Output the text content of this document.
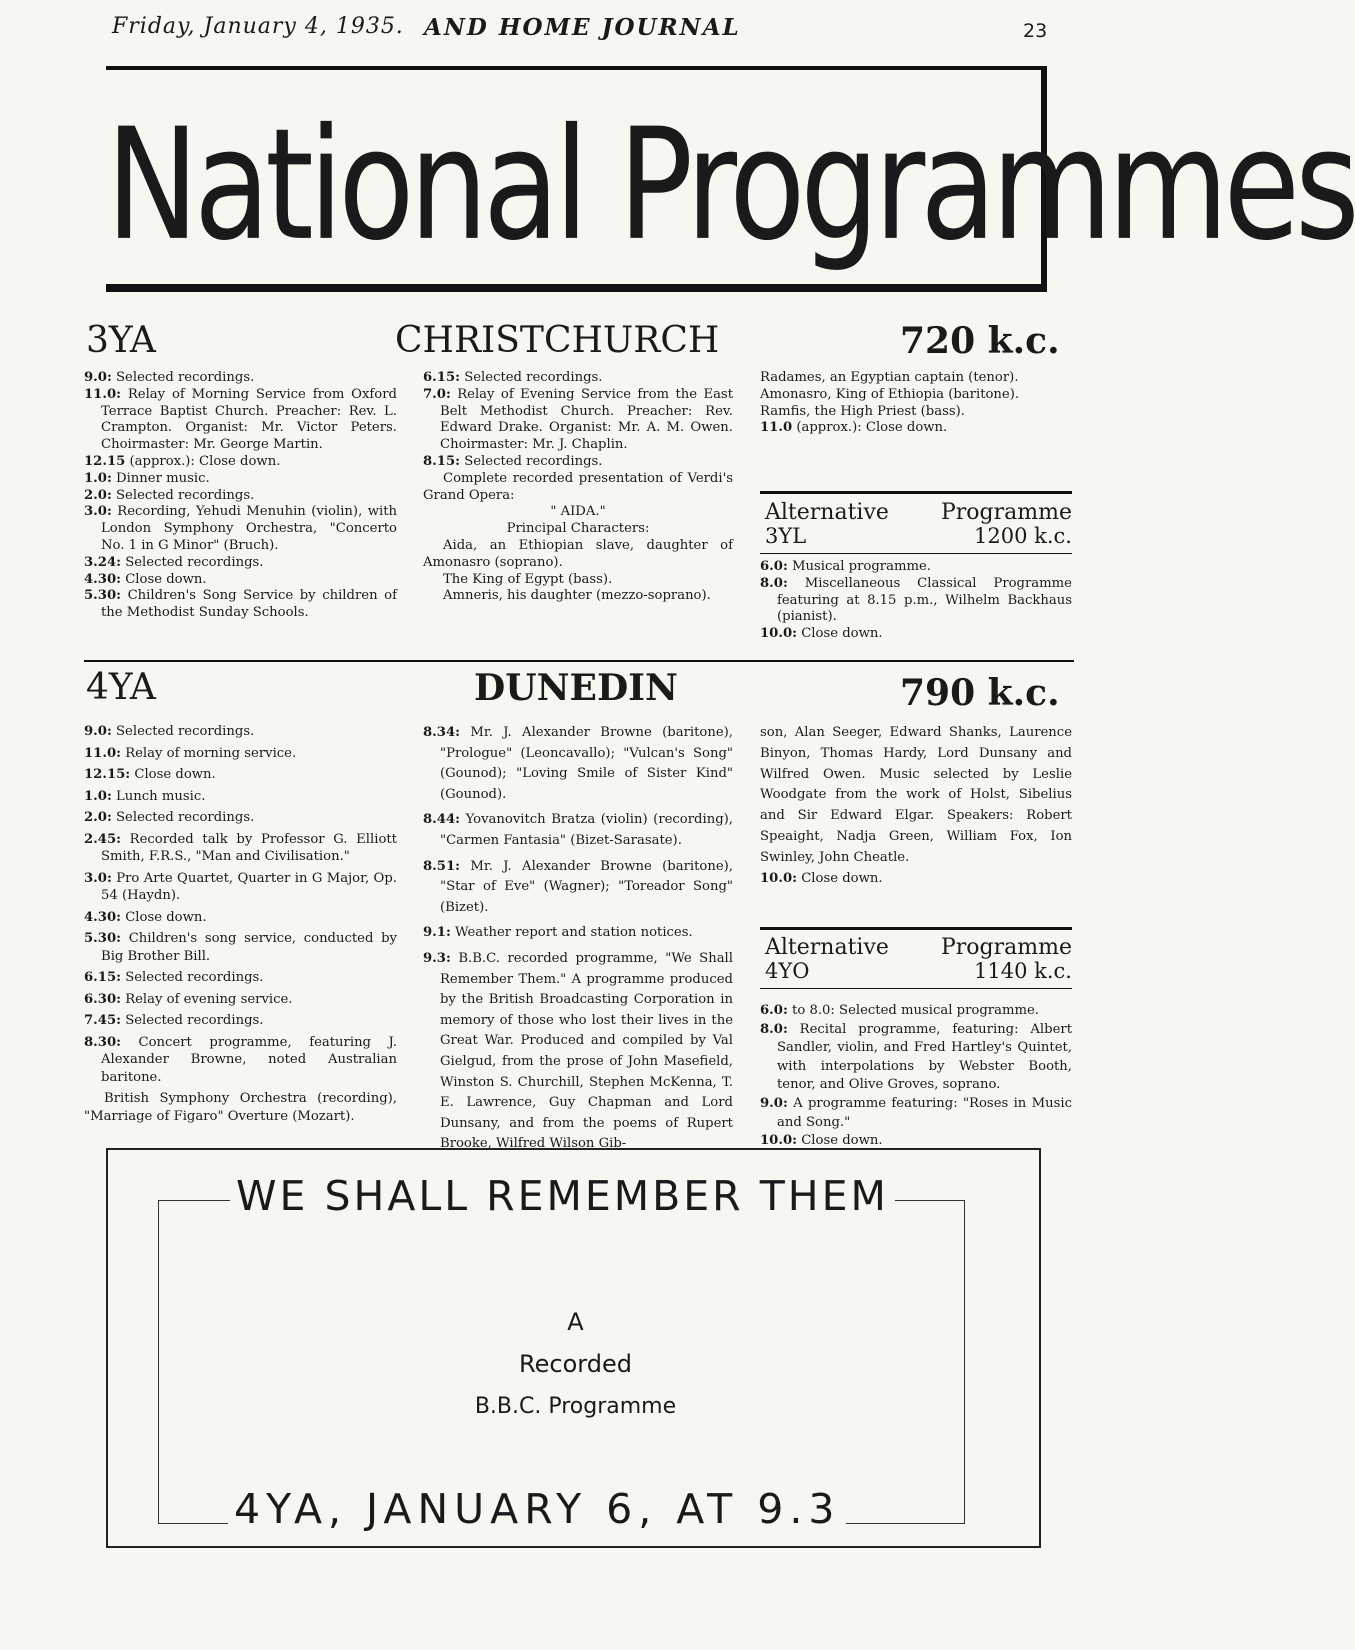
Friday, January 4, 1935. AND HOME JOURNAL	23
National Programmes
3YA	CHRISTCHURCH	720 k.c.

9.0: Selected recordings.

11.0: Relay of Morning Service from Oxford Terrace Baptist Church. Preacher: Rev. L. Crampton. Organist: Mr. Victor Peters. Choirmaster: Mr. George Martin.

12.15 (approx.): Close down.

1.0: Dinner music.

2.0: Selected recordings.

3.0: Recording, Yehudi Menuhin (violin), with London Symphony Orchestra, "Concerto No. 1 in G Minor" (Bruch).

3.24: Selected recordings.

4.30: Close down.

5.30: Children's Song Service by children of the Methodist Sunday Schools.

6.15: Selected recordings.

7.0: Relay of Evening Service from the East Belt Methodist Church. Preacher: Rev. Edward Drake. Organist: Mr. A. M. Owen. Choirmaster: Mr. J. Chaplin.

8.15: Selected recordings.

Complete recorded presentation of Verdi's Grand Opera:

" AIDA."

Principal Characters:

Aida, an Ethiopian slave, daughter of Amonasro (soprano).

The King of Egypt (bass).

Amneris, his daughter (mezzo-soprano).

Radames, an Egyptian captain (tenor).

Amonasro, King of Ethiopia (baritone).

Ramfis, the High Priest (bass).

11.0 (approx.): Close down.

Alternative Programme
3YL	1200 k.c.

6.0: Musical programme.

8.0: Miscellaneous Classical Programme featuring at 8.15 p.m., Wilhelm Backhaus (pianist).

10.0: Close down.

4YA	DUNEDIN	790 k.c.

9.0: Selected recordings.

11.0: Relay of morning service.

12.15: Close down.

1.0: Lunch music.

2.0: Selected recordings.

2.45: Recorded talk by Professor G. Elliott Smith, F.R.S., "Man and Civilisation."

3.0: Pro Arte Quartet, Quarter in G Major, Op. 54 (Haydn).

4.30: Close down.

5.30: Children's song service, conducted by Big Brother Bill.

6.15: Selected recordings.

6.30: Relay of evening service.

7.45: Selected recordings.

8.30: Concert programme, featuring J. Alexander Browne, noted Australian baritone.

British Symphony Orchestra (recording), "Marriage of Figaro" Overture (Mozart).

8.34: Mr. J. Alexander Browne (baritone), "Prologue" (Leoncavallo); "Vulcan's Song" (Gounod); "Loving Smile of Sister Kind" (Gounod).

8.44: Yovanovitch Bratza (violin) (recording), "Carmen Fantasia" (Bizet-Sarasate).

8.51: Mr. J. Alexander Browne (baritone), "Star of Eve" (Wagner); "Toreador Song" (Bizet).

9.1: Weather report and station notices.

9.3: B.B.C. recorded programme, "We Shall Remember Them." A programme produced by the British Broadcasting Corporation in memory of those who lost their lives in the Great War. Produced and compiled by Val Gielgud, from the prose of John Masefield, Winston S. Churchill, Stephen McKenna, T. E. Lawrence, Guy Chapman and Lord Dunsany, and from the poems of Rupert Brooke, Wilfred Wilson Gib-

son, Alan Seeger, Edward Shanks, Laurence Binyon, Thomas Hardy, Lord Dunsany and Wilfred Owen. Music selected by Leslie Woodgate from the work of Holst, Sibelius and Sir Edward Elgar. Speakers: Robert Speaight, Nadja Green, William Fox, Ion Swinley, John Cheatle.

10.0: Close down.

Alternative Programme
4YO	1140 k.c.

6.0: to 8.0: Selected musical programme.

8.0: Recital programme, featuring: Albert Sandler, violin, and Fred Hartley's Quintet, with interpolations by Webster Booth, tenor, and Olive Groves, soprano.

9.0: A programme featuring: "Roses in Music and Song."

10.0: Close down.

WE SHALL REMEMBER THEM
A
Recorded
B.B.C. Programme
4YA, JANUARY 6, AT 9.3
